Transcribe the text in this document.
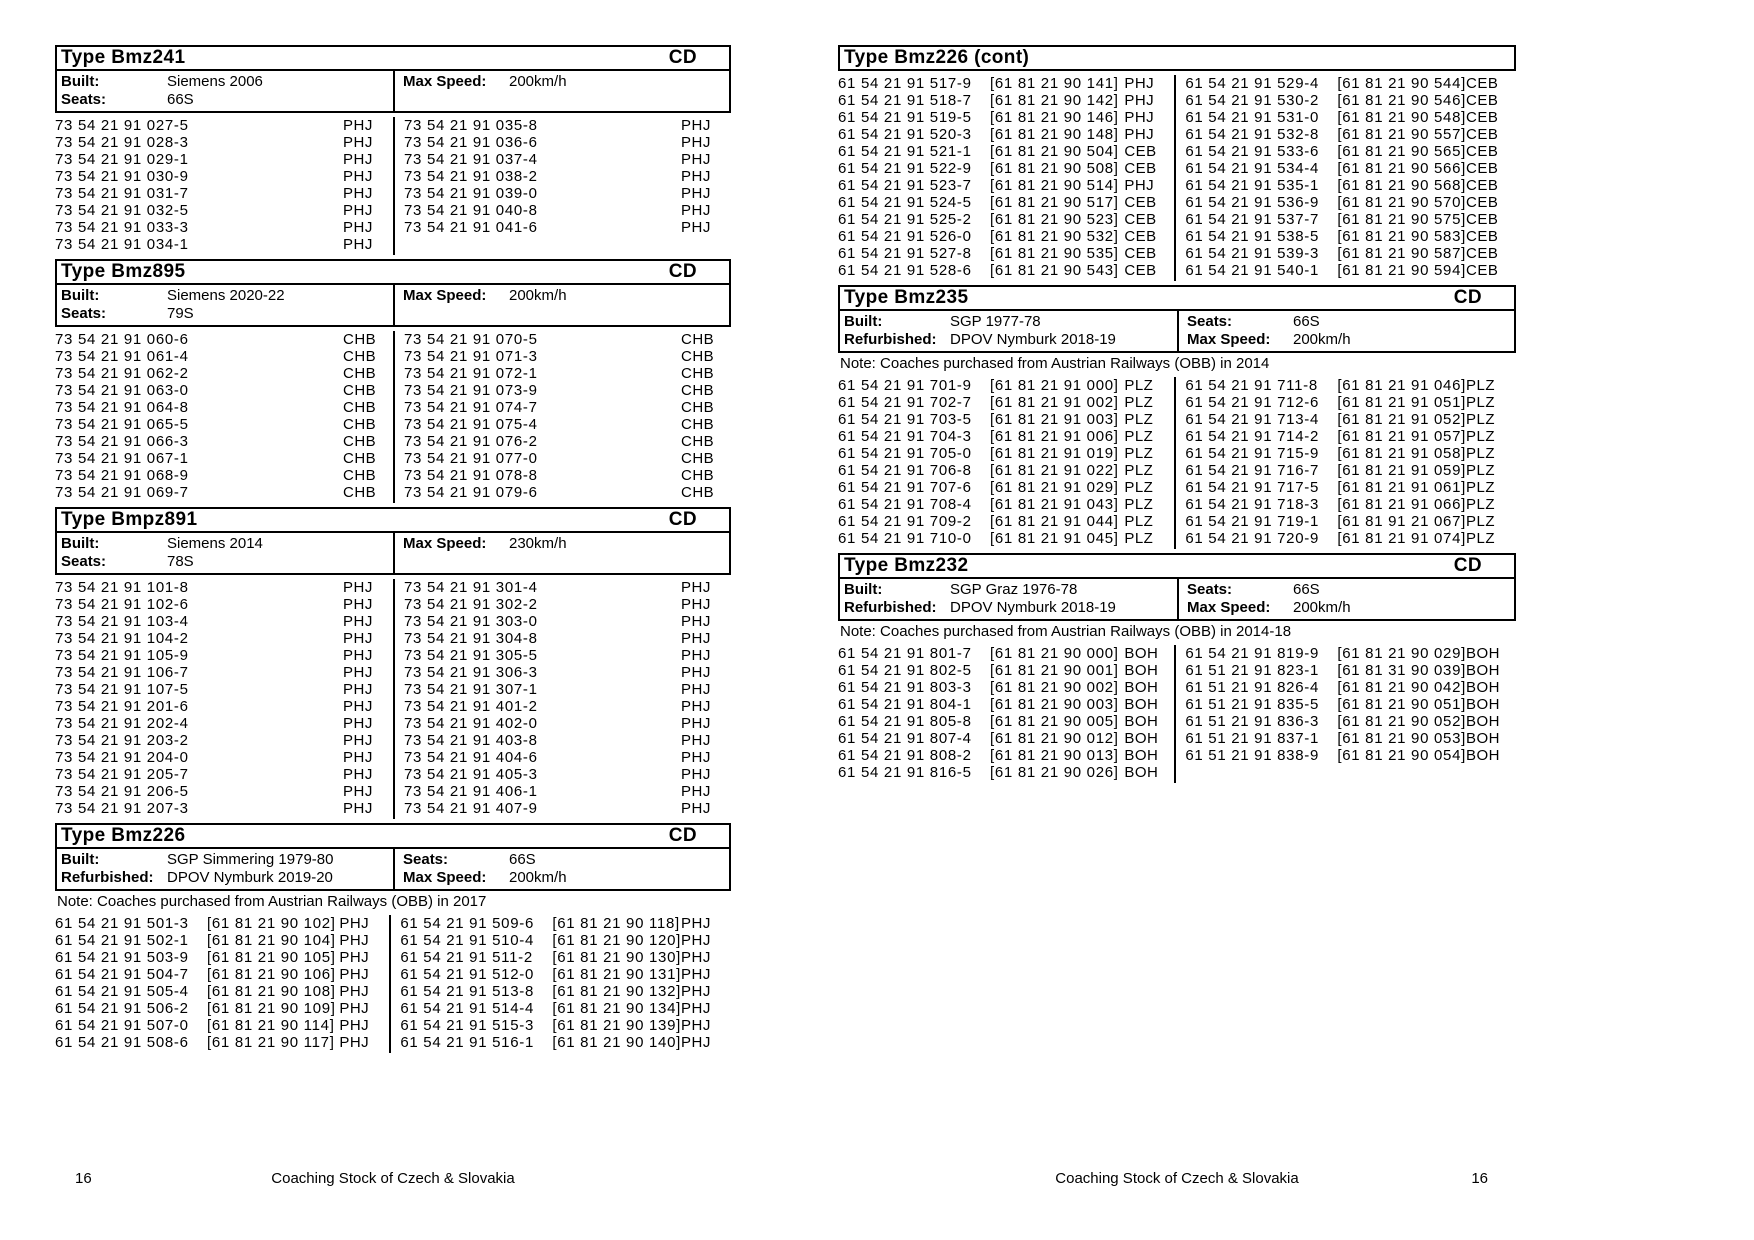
Type Bmz241	CD
Built:	Siemens 2006
Seats:	66S
Max Speed:	200km/h
73 54 21 91 027-5	PHJ
73 54 21 91 028-3	PHJ
73 54 21 91 029-1	PHJ
73 54 21 91 030-9	PHJ
73 54 21 91 031-7	PHJ
73 54 21 91 032-5	PHJ
73 54 21 91 033-3	PHJ
73 54 21 91 034-1	PHJ
73 54 21 91 035-8	PHJ
73 54 21 91 036-6	PHJ
73 54 21 91 037-4	PHJ
73 54 21 91 038-2	PHJ
73 54 21 91 039-0	PHJ
73 54 21 91 040-8	PHJ
73 54 21 91 041-6	PHJ
Type Bmz895	CD
Built:	Siemens 2020-22
Seats:	79S
Max Speed:	200km/h
73 54 21 91 060-6	CHB
73 54 21 91 061-4	CHB
73 54 21 91 062-2	CHB
73 54 21 91 063-0	CHB
73 54 21 91 064-8	CHB
73 54 21 91 065-5	CHB
73 54 21 91 066-3	CHB
73 54 21 91 067-1	CHB
73 54 21 91 068-9	CHB
73 54 21 91 069-7	CHB
73 54 21 91 070-5	CHB
73 54 21 91 071-3	CHB
73 54 21 91 072-1	CHB
73 54 21 91 073-9	CHB
73 54 21 91 074-7	CHB
73 54 21 91 075-4	CHB
73 54 21 91 076-2	CHB
73 54 21 91 077-0	CHB
73 54 21 91 078-8	CHB
73 54 21 91 079-6	CHB
Type Bmpz891	CD
Built:	Siemens 2014
Seats:	78S
Max Speed:	230km/h
73 54 21 91 101-8	PHJ
73 54 21 91 102-6	PHJ
73 54 21 91 103-4	PHJ
73 54 21 91 104-2	PHJ
73 54 21 91 105-9	PHJ
73 54 21 91 106-7	PHJ
73 54 21 91 107-5	PHJ
73 54 21 91 201-6	PHJ
73 54 21 91 202-4	PHJ
73 54 21 91 203-2	PHJ
73 54 21 91 204-0	PHJ
73 54 21 91 205-7	PHJ
73 54 21 91 206-5	PHJ
73 54 21 91 207-3	PHJ
73 54 21 91 301-4	PHJ
73 54 21 91 302-2	PHJ
73 54 21 91 303-0	PHJ
73 54 21 91 304-8	PHJ
73 54 21 91 305-5	PHJ
73 54 21 91 306-3	PHJ
73 54 21 91 307-1	PHJ
73 54 21 91 401-2	PHJ
73 54 21 91 402-0	PHJ
73 54 21 91 403-8	PHJ
73 54 21 91 404-6	PHJ
73 54 21 91 405-3	PHJ
73 54 21 91 406-1	PHJ
73 54 21 91 407-9	PHJ
Type Bmz226	CD
Built:	SGP Simmering 1979-80
Refurbished: DPOV Nymburk 2019-20
Seats:	66S
Max Speed:	200km/h
Note: Coaches purchased from Austrian Railways (OBB) in 2017
61 54 21 91 501-3	[61 81 21 90 102] PHJ
61 54 21 91 502-1	[61 81 21 90 104] PHJ
61 54 21 91 503-9	[61 81 21 90 105] PHJ
61 54 21 91 504-7	[61 81 21 90 106] PHJ
61 54 21 91 505-4	[61 81 21 90 108] PHJ
61 54 21 91 506-2	[61 81 21 90 109] PHJ
61 54 21 91 507-0	[61 81 21 90 114] PHJ
61 54 21 91 508-6	[61 81 21 90 117] PHJ
61 54 21 91 509-6	[61 81 21 90 118] PHJ
61 54 21 91 510-4	[61 81 21 90 120] PHJ
61 54 21 91 511-2	[61 81 21 90 130] PHJ
61 54 21 91 512-0	[61 81 21 90 131] PHJ
61 54 21 91 513-8	[61 81 21 90 132] PHJ
61 54 21 91 514-4	[61 81 21 90 134] PHJ
61 54 21 91 515-3	[61 81 21 90 139] PHJ
61 54 21 91 516-1	[61 81 21 90 140] PHJ
16	Coaching Stock of Czech & Slovakia
Type Bmz226 (cont)
61 54 21 91 517-9	[61 81 21 90 141] PHJ
61 54 21 91 518-7	[61 81 21 90 142] PHJ
61 54 21 91 519-5	[61 81 21 90 146] PHJ
61 54 21 91 520-3	[61 81 21 90 148] PHJ
61 54 21 91 521-1	[61 81 21 90 504] CEB
61 54 21 91 522-9	[61 81 21 90 508] CEB
61 54 21 91 523-7	[61 81 21 90 514] PHJ
61 54 21 91 524-5	[61 81 21 90 517] CEB
61 54 21 91 525-2	[61 81 21 90 523] CEB
61 54 21 91 526-0	[61 81 21 90 532] CEB
61 54 21 91 527-8	[61 81 21 90 535] CEB
61 54 21 91 528-6	[61 81 21 90 543] CEB
61 54 21 91 529-4	[61 81 21 90 544] CEB
61 54 21 91 530-2	[61 81 21 90 546] CEB
61 54 21 91 531-0	[61 81 21 90 548] CEB
61 54 21 91 532-8	[61 81 21 90 557] CEB
61 54 21 91 533-6	[61 81 21 90 565] CEB
61 54 21 91 534-4	[61 81 21 90 566] CEB
61 54 21 91 535-1	[61 81 21 90 568] CEB
61 54 21 91 536-9	[61 81 21 90 570] CEB
61 54 21 91 537-7	[61 81 21 90 575] CEB
61 54 21 91 538-5	[61 81 21 90 583] CEB
61 54 21 91 539-3	[61 81 21 90 587] CEB
61 54 21 91 540-1	[61 81 21 90 594] CEB
Type Bmz235	CD
Built:	SGP 1977-78
Refurbished: DPOV Nymburk 2018-19
Seats:	66S
Max Speed:	200km/h
Note: Coaches purchased from Austrian Railways (OBB) in 2014
61 54 21 91 701-9	[61 81 21 91 000] PLZ
61 54 21 91 702-7	[61 81 21 91 002] PLZ
61 54 21 91 703-5	[61 81 21 91 003] PLZ
61 54 21 91 704-3	[61 81 21 91 006] PLZ
61 54 21 91 705-0	[61 81 21 91 019] PLZ
61 54 21 91 706-8	[61 81 21 91 022] PLZ
61 54 21 91 707-6	[61 81 21 91 029] PLZ
61 54 21 91 708-4	[61 81 21 91 043] PLZ
61 54 21 91 709-2	[61 81 21 91 044] PLZ
61 54 21 91 710-0	[61 81 21 91 045] PLZ
61 54 21 91 711-8	[61 81 21 91 046] PLZ
61 54 21 91 712-6	[61 81 21 91 051] PLZ
61 54 21 91 713-4	[61 81 21 91 052] PLZ
61 54 21 91 714-2	[61 81 21 91 057] PLZ
61 54 21 91 715-9	[61 81 21 91 058] PLZ
61 54 21 91 716-7	[61 81 21 91 059] PLZ
61 54 21 91 717-5	[61 81 21 91 061] PLZ
61 54 21 91 718-3	[61 81 21 91 066] PLZ
61 54 21 91 719-1	[61 81 91 21 067] PLZ
61 54 21 91 720-9	[61 81 21 91 074] PLZ
Type Bmz232	CD
Built:	SGP Graz 1976-78
Refurbished: DPOV Nymburk 2018-19
Seats:	66S
Max Speed:	200km/h
Note: Coaches purchased from Austrian Railways (OBB) in 2014-18
61 54 21 91 801-7	[61 81 21 90 000] BOH
61 54 21 91 802-5	[61 81 21 90 001] BOH
61 54 21 91 803-3	[61 81 21 90 002] BOH
61 54 21 91 804-1	[61 81 21 90 003] BOH
61 54 21 91 805-8	[61 81 21 90 005] BOH
61 54 21 91 807-4	[61 81 21 90 012] BOH
61 54 21 91 808-2	[61 81 21 90 013] BOH
61 54 21 91 816-5	[61 81 21 90 026] BOH
61 54 21 91 819-9	[61 81 21 90 029] BOH
61 51 21 91 823-1	[61 81 31 90 039] BOH
61 51 21 91 826-4	[61 81 21 90 042] BOH
61 51 21 91 835-5	[61 81 21 90 051] BOH
61 51 21 91 836-3	[61 81 21 90 052] BOH
61 51 21 91 837-1	[61 81 21 90 053] BOH
61 51 21 91 838-9	[61 81 21 90 054] BOH
Coaching Stock of Czech & Slovakia	16
